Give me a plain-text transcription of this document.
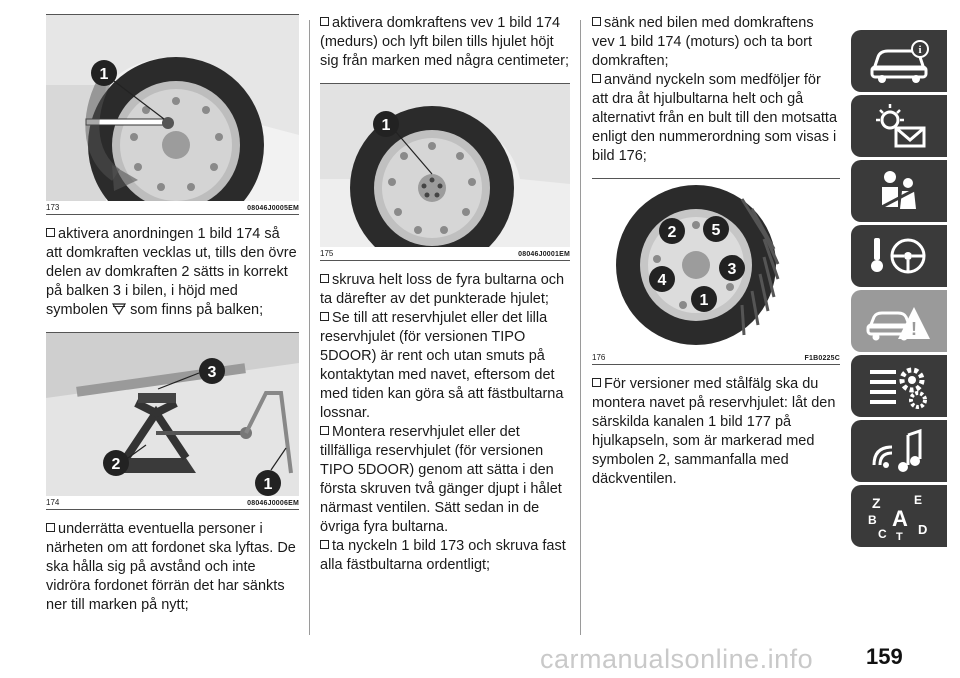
1
173	08046J0005EM

aktivera anordningen 1 bild 174 så att domkraften vecklas ut, tills den övre delen av domkraften 2 sätts in korrekt på balken 3 i bilen, i höjd med symbolen som finns på balken;

3
2
1
174	08046J0006EM

underrätta eventuella personer i närheten om att fordonet ska lyftas. De ska hålla sig på avstånd och inte vidröra fordonet förrän det har sänkts ner till marken på nytt;

aktivera domkraftens vev 1 bild 174 (medurs) och lyft bilen tills hjulet höjt sig från marken med några centimeter;

1
175	08046J0001EM

skruva helt loss de fyra bultarna och ta därefter av det punkterade hjulet;

Se till att reservhjulet eller det lilla reservhjulet (för versionen TIPO 5DOOR) är rent och utan smuts på kontaktytan med navet, eftersom det med tiden kan göra så att fästbultarna lossnar.

Montera reservhjulet eller det tillfälliga reservhjulet (för versionen TIPO 5DOOR) genom att sätta i den första skruven två gänger djupt i hålet närmast ventilen. Sätt sedan in de övriga fyra bultarna.

ta nyckeln 1 bild 173 och skruva fast alla fästbultarna ordentligt;

sänk ned bilen med domkraftens vev 1 bild 174 (moturs) och ta bort domkraften;

använd nyckeln som medföljer för att dra åt hjulbultarna helt och gå alternativt från en bult till den motsatta enligt den nummerordning som visas i bild 176;

2 5
3
4
1
176	F1B0225C

För versioner med stålfälg ska du montera navet på reservhjulet: låt den särskilda kanalen 1 bild 177 på hjulkapseln, som är markerad med symbolen 2, sammanfalla med däckventilen.

i
!
Z	E
B A
C T D
carmanualsonline.info 159
